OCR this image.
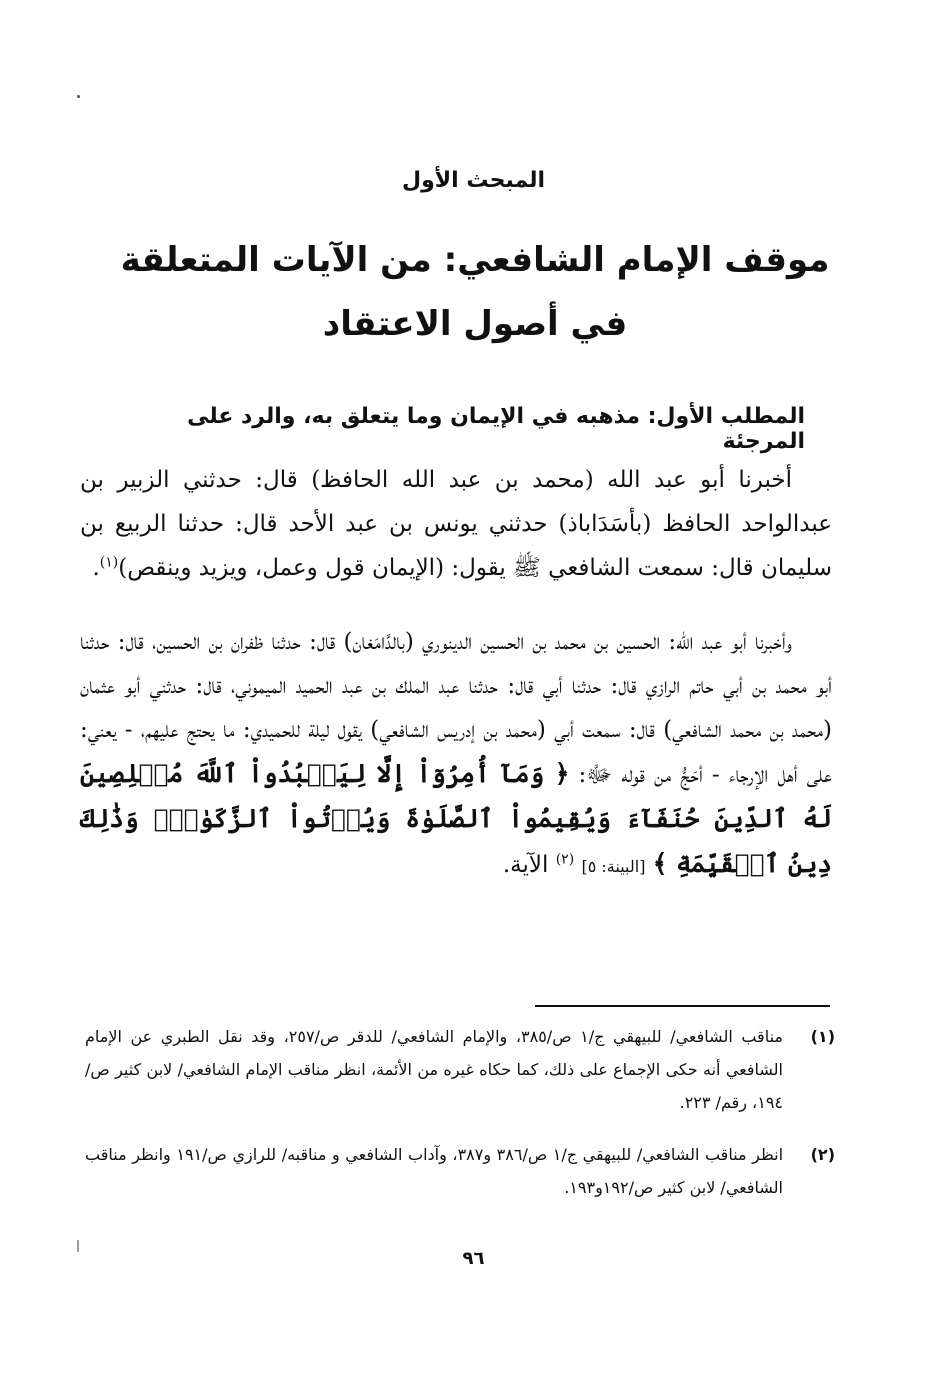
المبحث الأول
موقف الإمام الشافعي: من الآيات المتعلقة في أصول الاعتقاد
المطلب الأول: مذهبه في الإيمان وما يتعلق به، والرد على المرجئة
أخبرنا أبو عبد الله (محمد بن عبد الله الحافظ) قال: حدثني الزبير بن عبدالواحد الحافظ (بأسَدَاباذ) حدثني يونس بن عبد الأحد قال: حدثنا الربيع بن سليمان قال: سمعت الشافعي ﷺ يقول: (الإيمان قول وعمل، ويزيد وينقص)$^{(١)}$.
وأخبرنا أبو عبد الله: الحسين بن محمد بن الحسين الدينوري (بالدَّامَغان) قال: حدثنا ظفران بن الحسين، قال: حدثنا أبو محمد بن أبي حاتم الرازي قال: حدثنا أبي قال: حدثنا عبد الملك بن عبد الحميد الميموني، قال: حدثني أبو عثمان (محمد بن محمد الشافعي) قال: سمعت أبي (محمد بن إدريس الشافعي) يقول ليلة للحميدي: ما يحتج عليهم، - يعني: على أهل الإرجاء - أحَجُّ من قوله ﷻ: ﴿ وَمَآ أُمِرُوٓاْ إِلَّا لِيَعۡبُدُواْ ٱللَّهَ مُخۡلِصِينَ لَهُ ٱلدِّينَ حُنَفَآءَ وَيُقِيمُواْ ٱلصَّلَوٰةَ وَيُؤۡتُواْ ٱلزَّكَوٰةَۚ وَذَٰلِكَ دِينُ ٱلۡقَيِّمَةِ ﴾ [البينة: ٥] $^{(٢)}$ الآية.
(١)
مناقب الشافعي/ للبيهقي ج/١ ص/٣٨٥، والإمام الشافعي/ للدقر ص/٢٥٧، وقد نقل الطبري عن الإمام الشافعي أنه حكى الإجماع على ذلك، كما حكاه غيره من الأئمة، انظر مناقب الإمام الشافعي/ لابن كثير ص/١٩٤، رقم/ ٢٢٣.
(٢)
انظر مناقب الشافعي/ للبيهقي ج/١ ص/٣٨٦ و٣٨٧، وآداب الشافعي و مناقبه/ للرازي ص/١٩١ وانظر مناقب الشافعي/ لابن كثير ص/١٩٢و١٩٣.
٩٦
